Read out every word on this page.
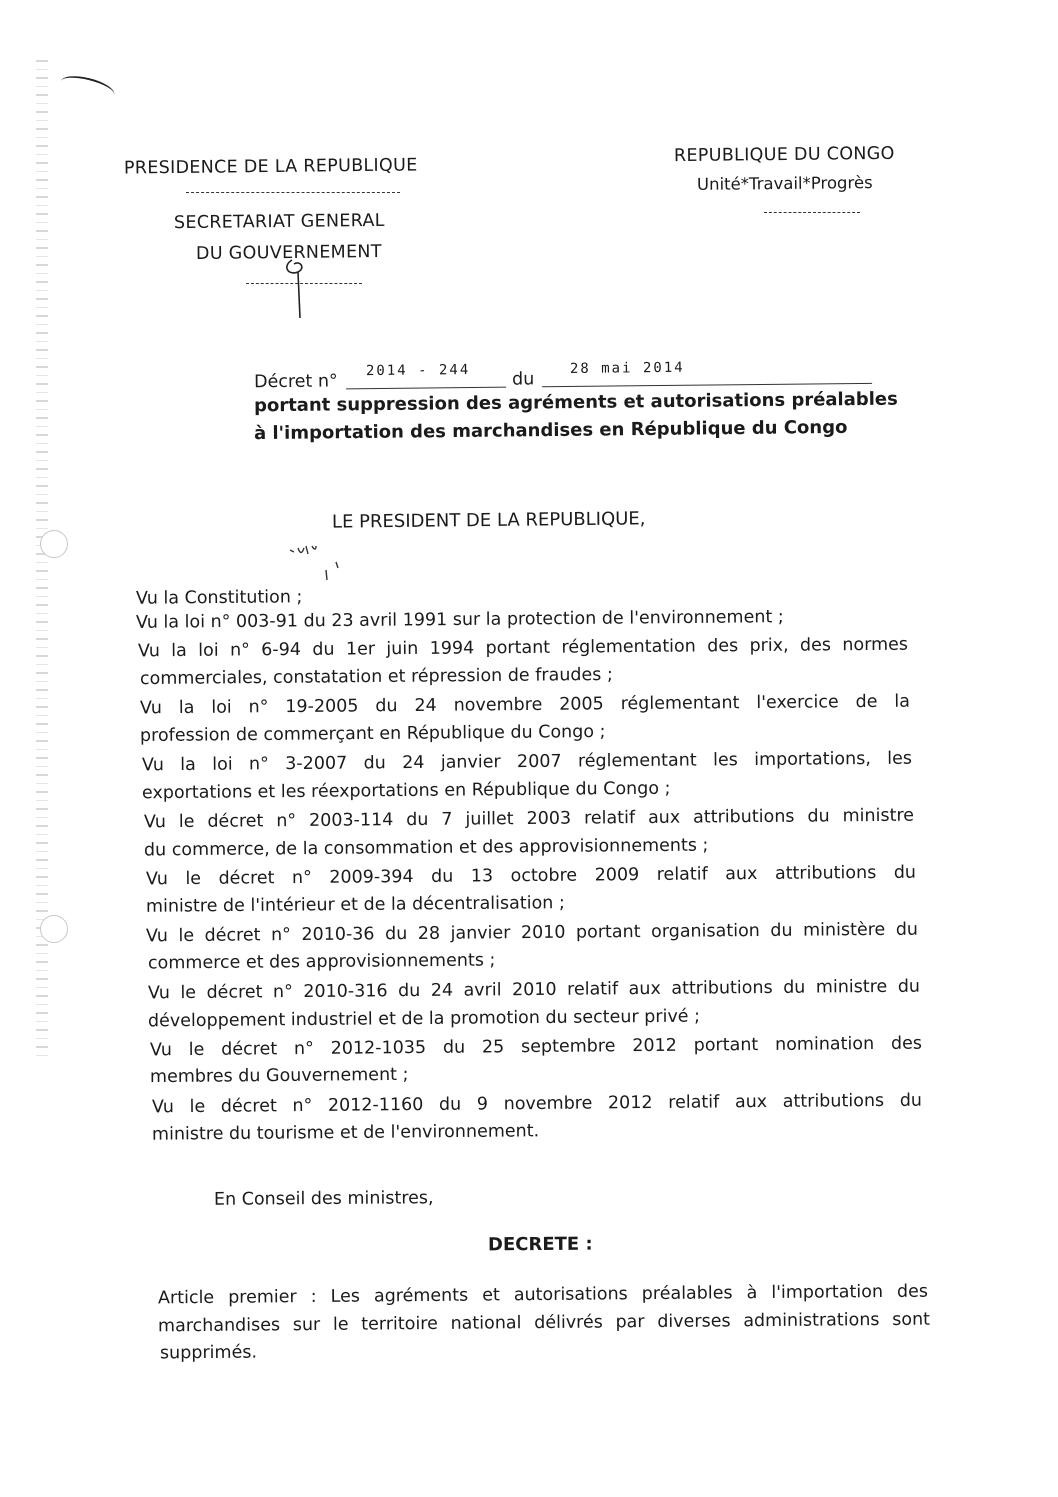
PRESIDENCE DE LA REPUBLIQUE
SECRETARIAT GENERAL
DU GOUVERNEMENT
REPUBLIQUE DU CONGO
Unité*Travail*Progrès
Décret n°
2014 - 244 du
28 mai 2014
portant suppression des agréments et autorisations préalables
à l'importation des marchandises en République du Congo
LE PRESIDENT DE LA REPUBLIQUE,
Vu la Constitution ;
Vu la loi n° 003-91 du 23 avril 1991 sur la protection de l'environnement ;
Vu la loi n° 6-94 du 1er juin 1994 portant réglementation des prix, des normes
commerciales, constatation et répression de fraudes ;
Vu la loi n° 19-2005 du 24 novembre 2005 réglementant l'exercice de la
profession de commerçant en République du Congo ;
Vu la loi n° 3-2007 du 24 janvier 2007 réglementant les importations, les
exportations et les réexportations en République du Congo ;
Vu le décret n° 2003-114 du 7 juillet 2003 relatif aux attributions du ministre
du commerce, de la consommation et des approvisionnements ;
Vu le décret n° 2009-394 du 13 octobre 2009 relatif aux attributions du
ministre de l'intérieur et de la décentralisation ;
Vu le décret n° 2010-36 du 28 janvier 2010 portant organisation du ministère du
commerce et des approvisionnements ;
Vu le décret n° 2010-316 du 24 avril 2010 relatif aux attributions du ministre du
développement industriel et de la promotion du secteur privé ;
Vu le décret n° 2012-1035 du 25 septembre 2012 portant nomination des
membres du Gouvernement ;
Vu le décret n° 2012-1160 du 9 novembre 2012 relatif aux attributions du
ministre du tourisme et de l'environnement.
En Conseil des ministres,
DECRETE :
Article premier : Les agréments et autorisations préalables à l'importation des
marchandises sur le territoire national délivrés par diverses administrations sont
supprimés.
